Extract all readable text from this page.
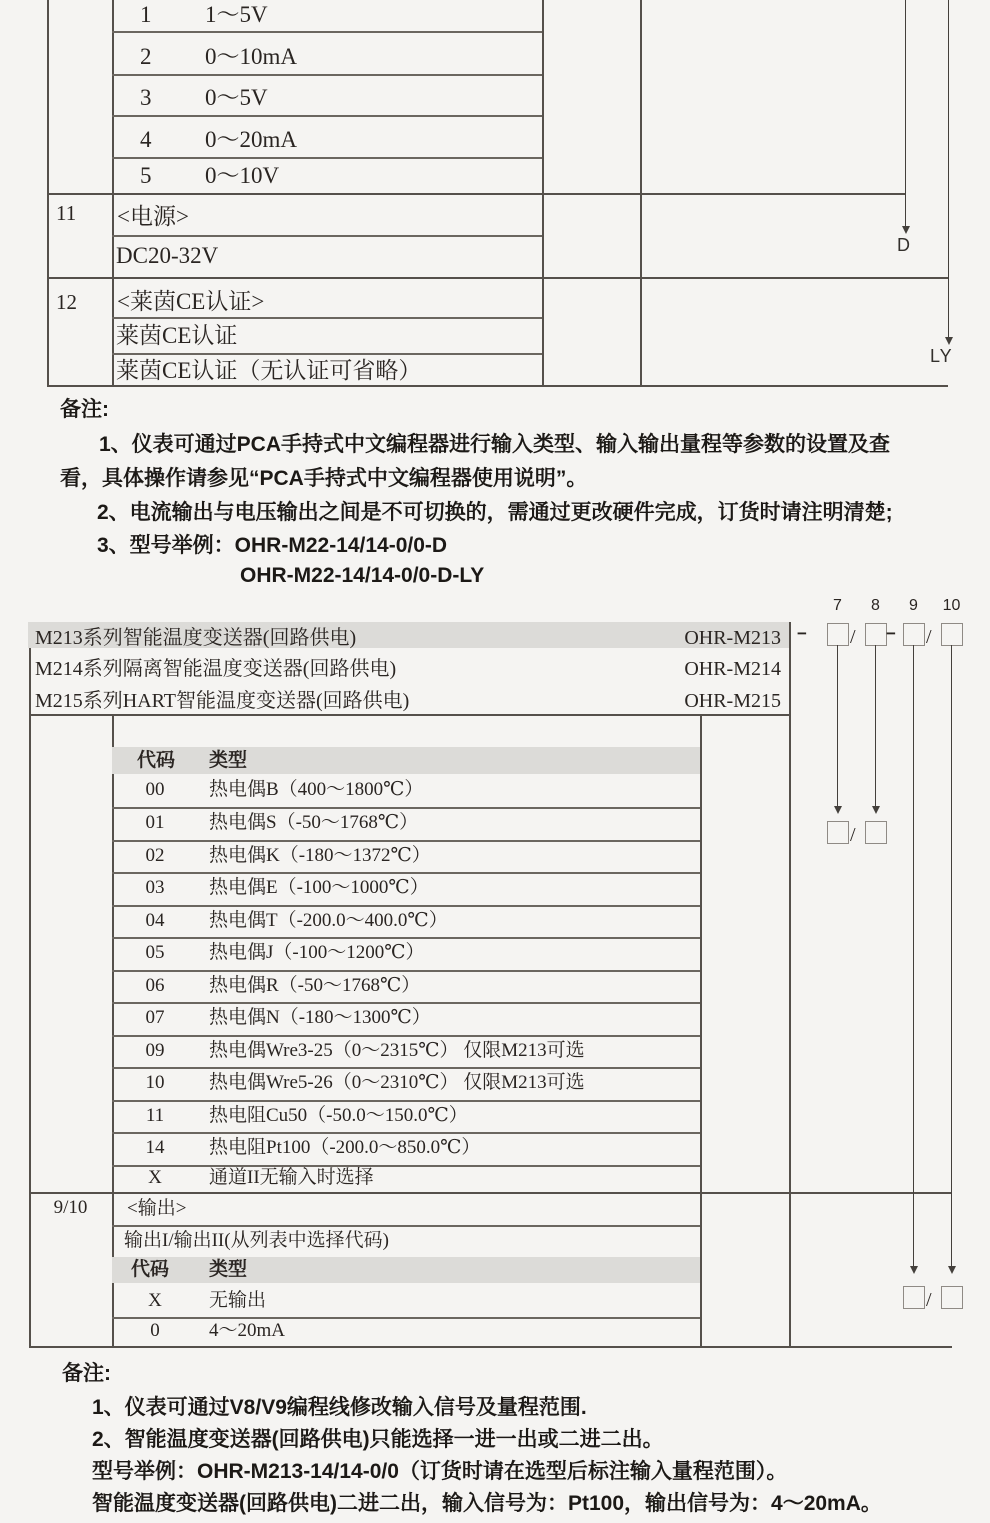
1 1～5V
2 0～10mA
3 0～5V
4 0～20mA
5 0～10V
11	<电源>
DC20-32V
12	<莱茵CE认证>
莱茵CE认证
莱茵CE认证（无认证可省略）
D
LY
备注:
1、仪表可通过PCA手持式中文编程器进行输入类型、输入输出量程等参数的设置及查
看，具体操作请参见“PCA手持式中文编程器使用说明”。
2、电流输出与电压输出之间是不可切换的，需通过更改硬件完成，订货时请注明清楚;
3、型号举例：OHR-M22-14/14-0/0-D
OHR-M22-14/14-0/0-D-LY
M213系列智能温度变送器(回路供电)	OHR-M213
M214系列隔离智能温度变送器(回路供电)	OHR-M214
M215系列HART智能温度变送器(回路供电)	OHR-M215
7	8	9	10
− / − /
代码 类型
00	热电偶B（400～1800℃）
01	热电偶S（-50～1768℃）
02	热电偶K（-180～1372℃）
03	热电偶E（-100～1000℃）
04	热电偶T（-200.0～400.0℃）
05	热电偶J（-100～1200℃）
06	热电偶R（-50～1768℃）
07	热电偶N（-180～1300℃）
09	热电偶Wre3-25（0～2315℃） 仅限M213可选
10	热电偶Wre5-26（0～2310℃） 仅限M213可选
11	热电阻Cu50（-50.0～150.0℃）
14	热电阻Pt100（-200.0～850.0℃）
X	通道II无输入时选择
9/10	<输出>
输出I/输出II(从列表中选择代码)
代码 类型
X	无输出
0	4～20mA
/
/
备注:
1、仪表可通过V8/V9编程线修改输入信号及量程范围.
2、智能温度变送器(回路供电)只能选择一进一出或二进二出。
型号举例：OHR-M213-14/14-0/0（订货时请在选型后标注输入量程范围）。
智能温度变送器(回路供电)二进二出，输入信号为：Pt100，输出信号为：4～20mA。
